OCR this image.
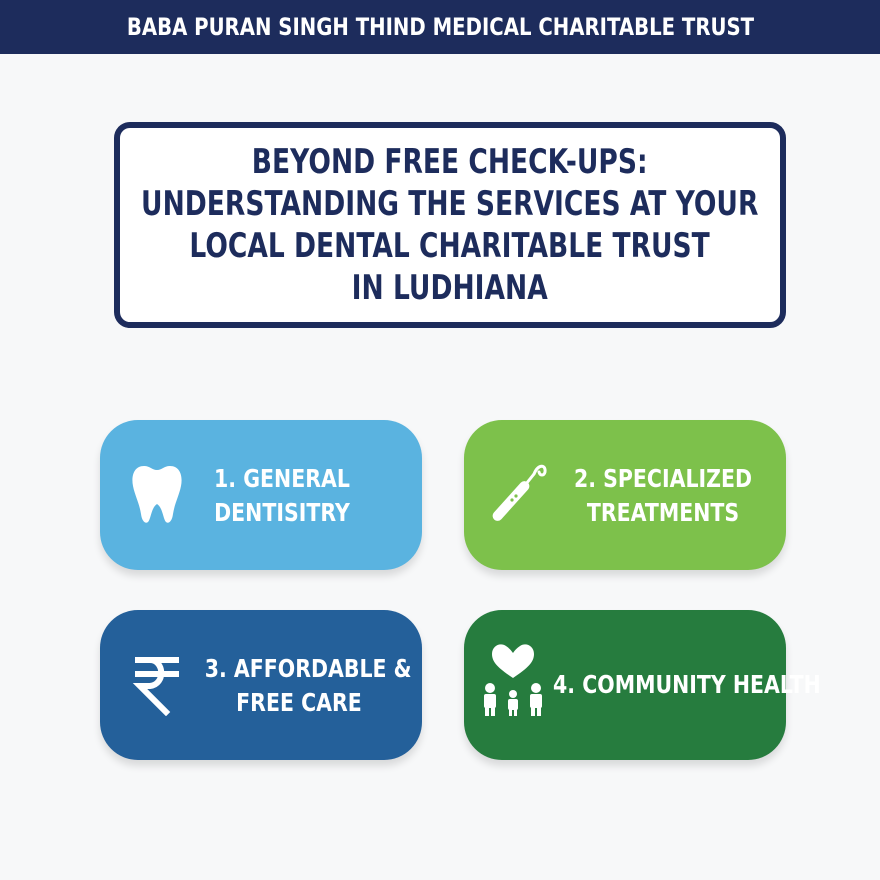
BABA PURAN SINGH THIND MEDICAL CHARITABLE TRUST
BEYOND FREE CHECK-UPS:
UNDERSTANDING THE SERVICES AT YOUR
LOCAL DENTAL CHARITABLE TRUST
IN LUDHIANA
1. GENERAL
DENTISITRY
2. SPECIALIZED
TREATMENTS
3. AFFORDABLE &
FREE CARE
4. COMMUNITY HEALTH
